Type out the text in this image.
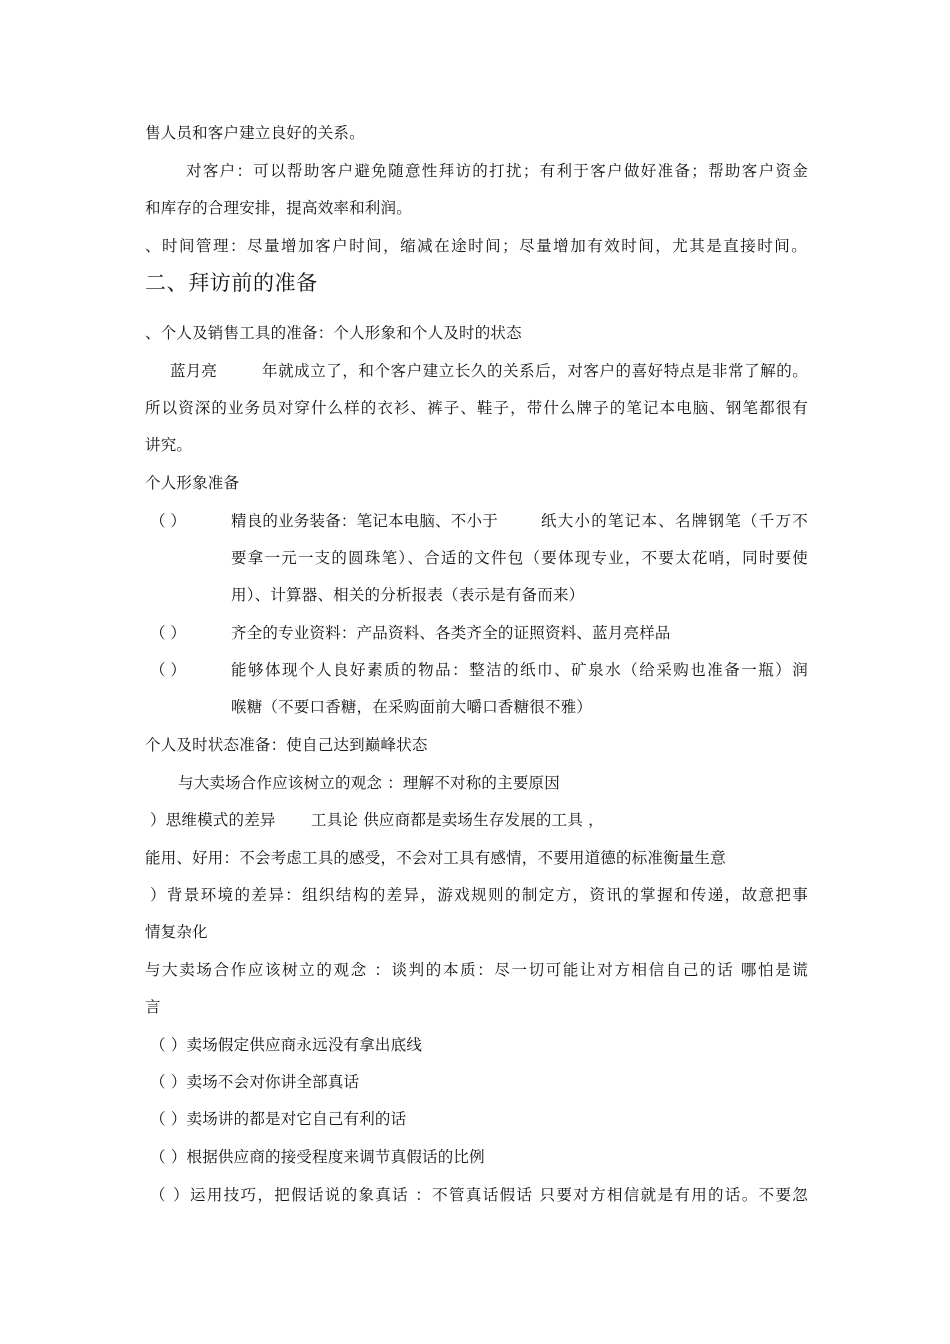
售人员和客户建立良好的关系。
对客户：可以帮助客户避免随意性拜访的打扰；有利于客户做好准备；帮助客户资金
和库存的合理安排，提高效率和利润。
、时间管理：尽量增加客户时间，缩减在途时间；尽量增加有效时间，尤其是直接时间。
二、拜访前的准备
、个人及销售工具的准备：个人形象和个人及时的状态
蓝月亮	年就成立了，和个客户建立长久的关系后，对客户的喜好特点是非常了解的。
所以资深的业务员对穿什么样的衣衫、裤子、鞋子，带什么牌子的笔记本电脑、钢笔都很有
讲究。
个人形象准备
（ ）	精良的业务装备：笔记本电脑、不小于	纸大小的笔记本、名牌钢笔（千万不
要拿一元一支的圆珠笔）、合适的文件包（要体现专业，不要太花哨，同时要使
用）、计算器、相关的分析报表（表示是有备而来）
（ ）	齐全的专业资料：产品资料、各类齐全的证照资料、蓝月亮样品
（ ）	能够体现个人良好素质的物品：整洁的纸巾、矿泉水（给采购也准备一瓶）润
喉糖（不要口香糖，在采购面前大嚼口香糖很不雅）
个人及时状态准备：使自己达到巅峰状态
与大卖场合作应该树立的观念 ：理解不对称的主要原因
）思维模式的差异 工具论 供应商都是卖场生存发展的工具 ，
能用、好用：不会考虑工具的感受，不会对工具有感情，不要用道德的标准衡量生意
）背景环境的差异：组织结构的差异，游戏规则的制定方，资讯的掌握和传递，故意把事
情复杂化
与大卖场合作应该树立的观念 ：谈判的本质：尽一切可能让对方相信自己的话 哪怕是谎
言
（ ）卖场假定供应商永远没有拿出底线
（ ）卖场不会对你讲全部真话
（ ）卖场讲的都是对它自己有利的话
（ ）根据供应商的接受程度来调节真假话的比例
（ ）运用技巧，把假话说的象真话 ：不管真话假话 只要对方相信就是有用的话。不要忽
